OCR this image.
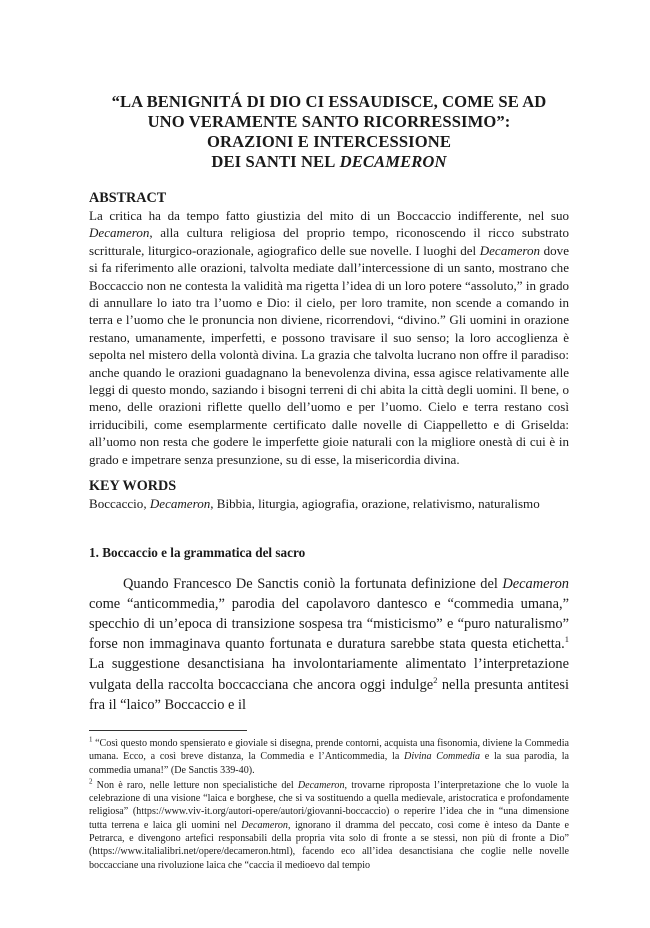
“LA BENIGNITÁ DI DIO CI ESSAUDISCE, COME SE AD
UNO VERAMENTE SANTO RICORRESSIMO”:
ORAZIONI E INTERCESSIONE
DEI SANTI NEL DECAMERON
ABSTRACT

La critica ha da tempo fatto giustizia del mito di un Boccaccio indifferente, nel suo Decameron, alla cultura religiosa del proprio tempo, riconoscendo il ricco substrato scritturale, liturgico-orazionale, agiografico delle sue novelle. I luoghi del Decameron dove si fa riferimento alle orazioni, talvolta mediate dall’intercessione di un santo, mostrano che Boccaccio non ne contesta la validità ma rigetta l’idea di un loro potere “assoluto,” in grado di annullare lo iato tra l’uomo e Dio: il cielo, per loro tramite, non scende a comando in terra e l’uomo che le pronuncia non diviene, ricorrendovi, “divino.” Gli uomini in orazione restano, umanamente, imperfetti, e possono travisare il suo senso; la loro accoglienza è sepolta nel mistero della volontà divina. La grazia che talvolta lucrano non offre il paradiso: anche quando le orazioni guadagnano la benevolenza divina, essa agisce relativamente alle leggi di questo mondo, saziando i bisogni terreni di chi abita la città degli uomini. Il bene, o meno, delle orazioni riflette quello dell’uomo e per l’uomo. Cielo e terra restano così irriducibili, come esemplarmente certificato dalle novelle di Ciappelletto e di Griselda: all’uomo non resta che godere le imperfette gioie naturali con la migliore onestà di cui è in grado e impetrare senza presunzione, su di esse, la misericordia divina.

KEY WORDS

Boccaccio, Decameron, Bibbia, liturgia, agiografia, orazione, relativismo, naturalismo

1. Boccaccio e la grammatica del sacro

Quando Francesco De Sanctis coniò la fortunata definizione del Decameron come “anticommedia,” parodia del capolavoro dantesco e “commedia umana,” specchio di un’epoca di transizione sospesa tra “misticismo” e “puro naturalismo” forse non immaginava quanto fortunata e duratura sarebbe stata questa etichetta.$^1$ La suggestione desanctisiana ha involontariamente alimentato l’interpretazione vulgata della raccolta boccacciana che ancora oggi indulge$^2$ nella presunta antitesi fra il “laico” Boccaccio e il

$^1$ “Così questo mondo spensierato e gioviale si disegna, prende contorni, acquista una fisonomia, diviene la Commedia umana. Ecco, a così breve distanza, la Commedia e l’Anticommedia, la Divina Commedia e la sua parodia, la commedia umana!” (De Sanctis 339-40).

$^2$ Non è raro, nelle letture non specialistiche del Decameron, trovarne riproposta l’interpretazione che lo vuole la celebrazione di una visione “laica e borghese, che si va sostituendo a quella medievale, aristocratica e profondamente religiosa” (https://www.viv-it.org/autori-opere/autori/giovanni-boccaccio) o reperire l’idea che in “una dimensione tutta terrena e laica gli uomini nel Decameron, ignorano il dramma del peccato, così come è inteso da Dante e Petrarca, e divengono artefici responsabili della propria vita solo di fronte a se stessi, non più di fronte a Dio” (https://www.italialibri.net/opere/decameron.html), facendo eco all’idea desanctisiana che coglie nelle novelle boccacciane una rivoluzione laica che “caccia il medioevo dal tempio
